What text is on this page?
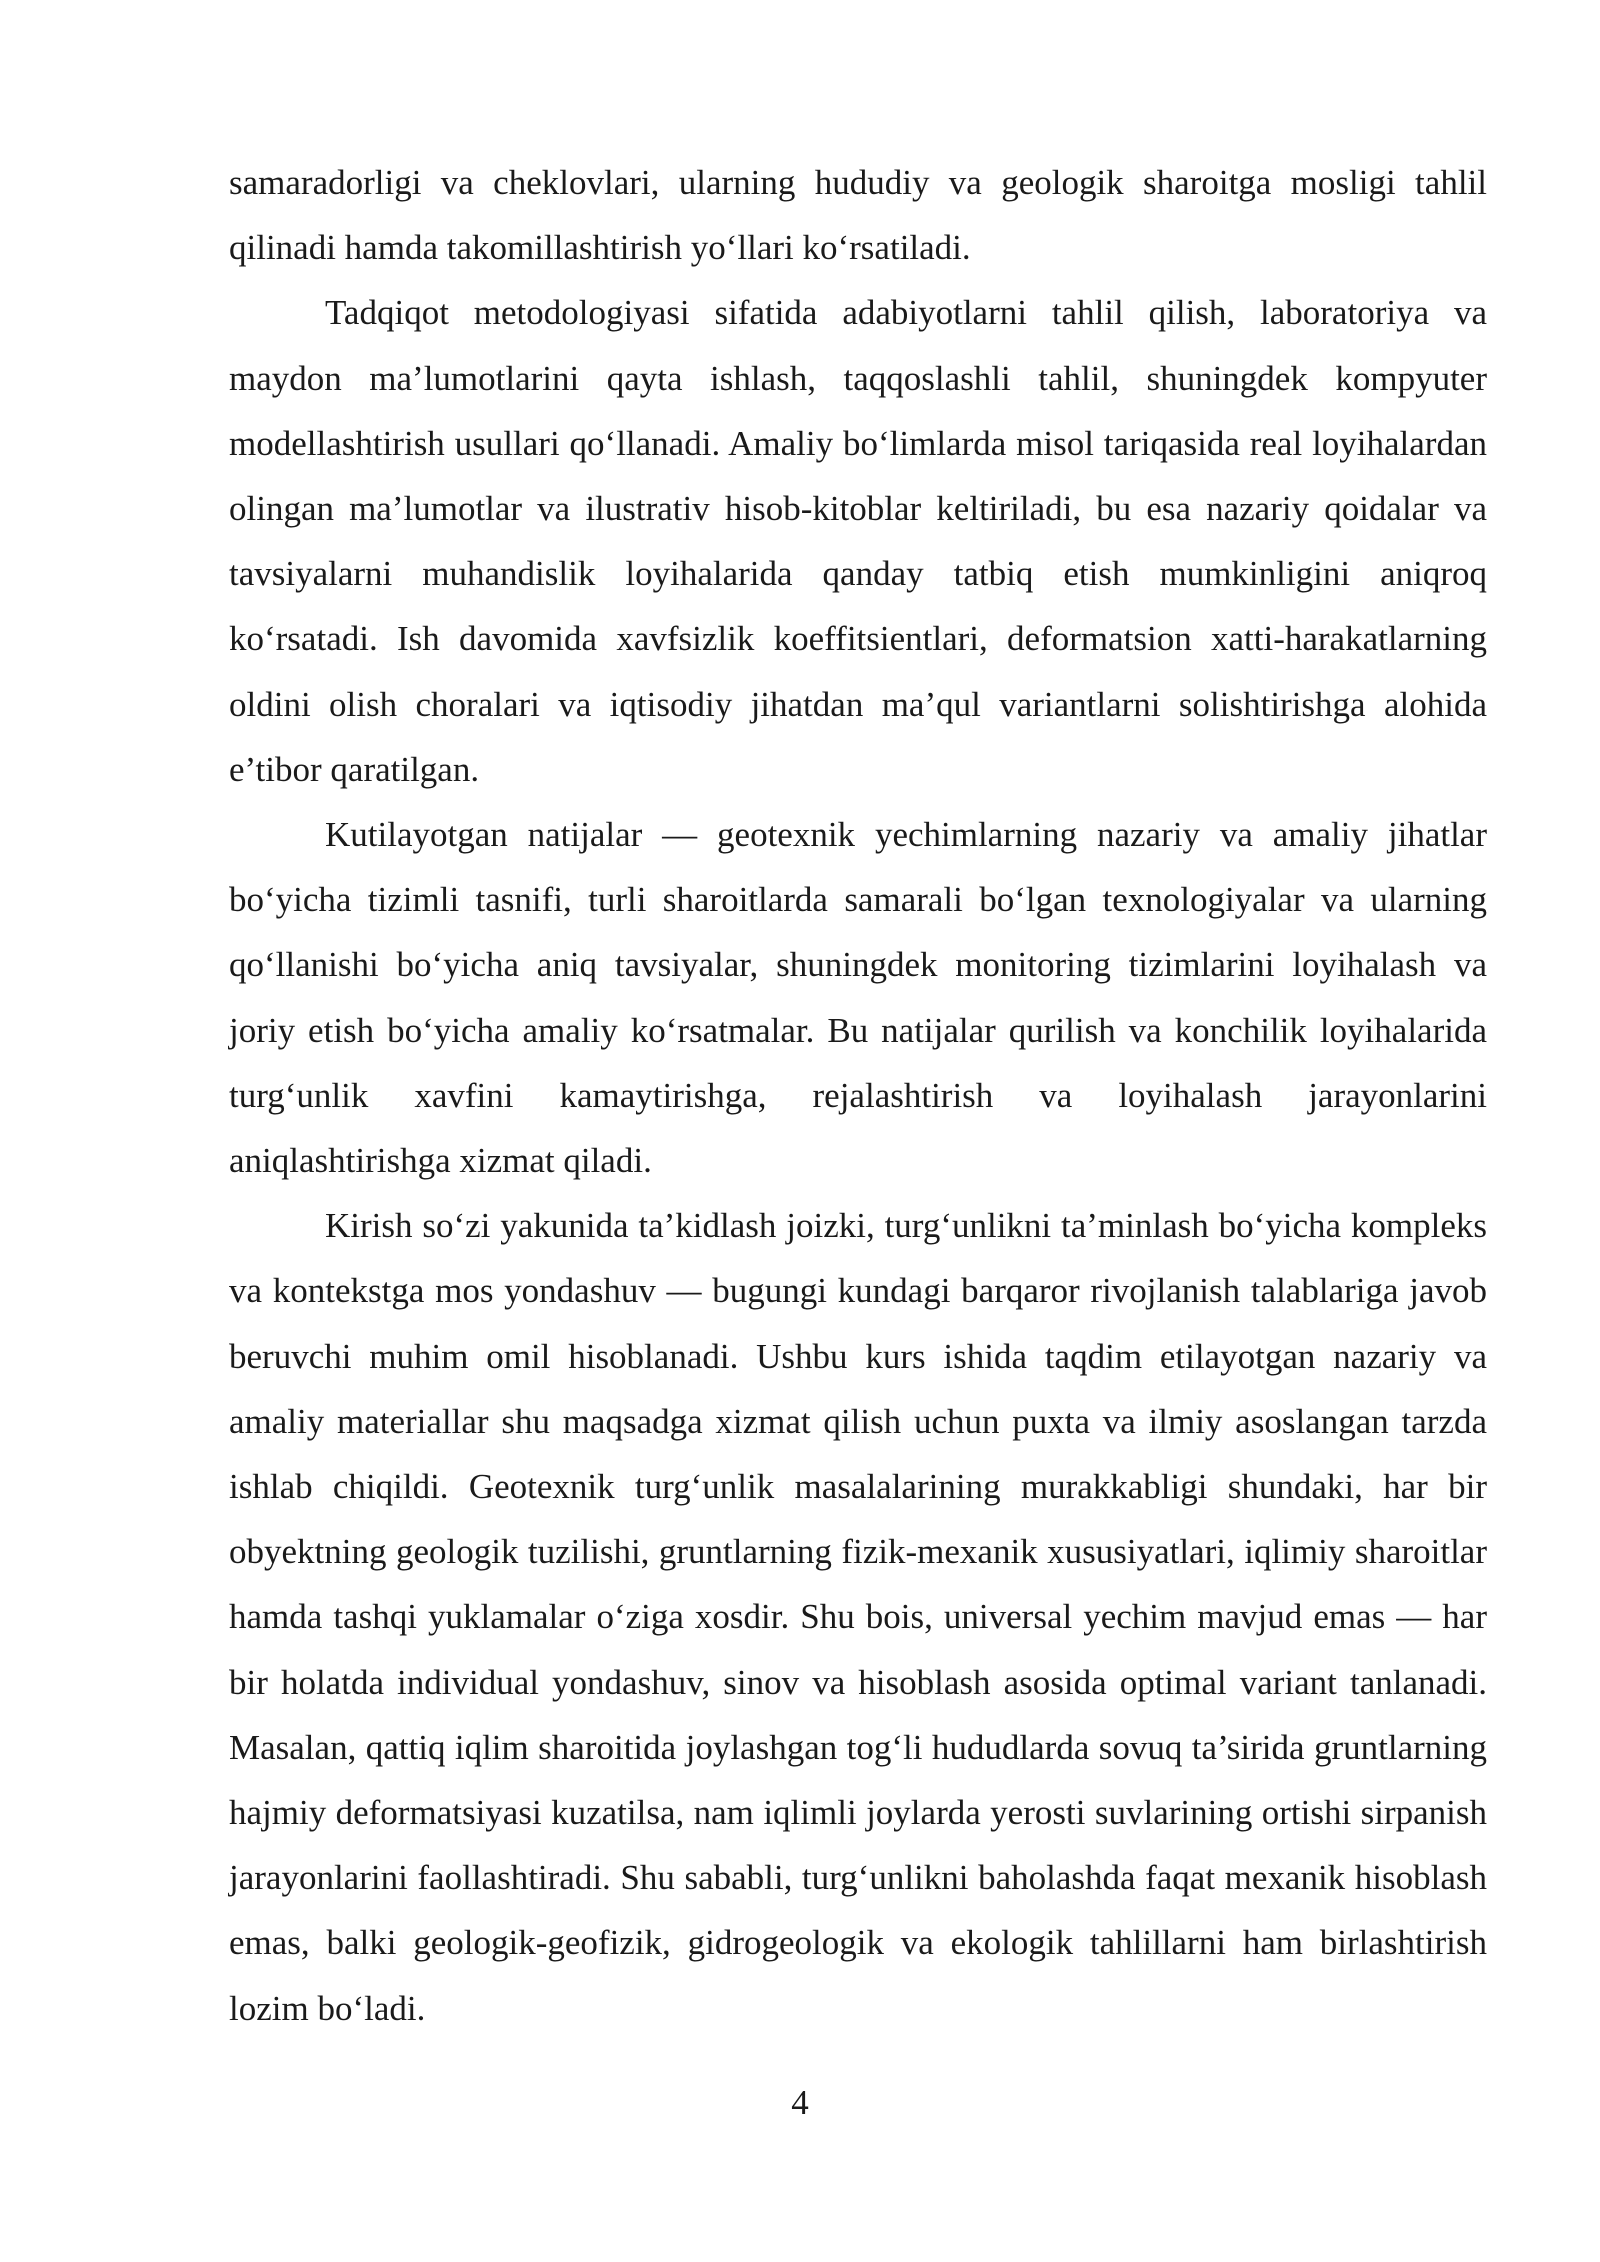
samaradorligi va cheklovlari, ularning hududiy va geologik sharoitga mosligi tahlil qilinadi hamda takomillashtirish yo‘llari ko‘rsatiladi.

Tadqiqot metodologiyasi sifatida adabiyotlarni tahlil qilish, laboratoriya va maydon ma’lumotlarini qayta ishlash, taqqoslashli tahlil, shuningdek kompyuter modellashtirish usullari qo‘llanadi. Amaliy bo‘limlarda misol tariqasida real loyihalardan olingan ma’lumotlar va ilustrativ hisob-kitoblar keltiriladi, bu esa nazariy qoidalar va tavsiyalarni muhandislik loyihalarida qanday tatbiq etish mumkinligini aniqroq ko‘rsatadi. Ish davomida xavfsizlik koeffitsientlari, deformatsion xatti-harakatlarning oldini olish choralari va iqtisodiy jihatdan ma’qul variantlarni solishtirishga alohida e’tibor qaratilgan.

Kutilayotgan natijalar — geotexnik yechimlarning nazariy va amaliy jihatlar bo‘yicha tizimli tasnifi, turli sharoitlarda samarali bo‘lgan texnologiyalar va ularning qo‘llanishi bo‘yicha aniq tavsiyalar, shuningdek monitoring tizimlarini loyihalash va joriy etish bo‘yicha amaliy ko‘rsatmalar. Bu natijalar qurilish va konchilik loyihalarida turg‘unlik xavfini kamaytirishga, rejalashtirish va loyihalash jarayonlarini aniqlashtirishga xizmat qiladi.

Kirish so‘zi yakunida ta’kidlash joizki, turg‘unlikni ta’minlash bo‘yicha kompleks va kontekstga mos yondashuv — bugungi kundagi barqaror rivojlanish talablariga javob beruvchi muhim omil hisoblanadi. Ushbu kurs ishida taqdim etilayotgan nazariy va amaliy materiallar shu maqsadga xizmat qilish uchun puxta va ilmiy asoslangan tarzda ishlab chiqildi. Geotexnik turg‘unlik masalalarining murakkabligi shundaki, har bir obyektning geologik tuzilishi, gruntlarning fizik-mexanik xususiyatlari, iqlimiy sharoitlar hamda tashqi yuklamalar o‘ziga xosdir. Shu bois, universal yechim mavjud emas — har bir holatda individual yondashuv, sinov va hisoblash asosida optimal variant tanlanadi. Masalan, qattiq iqlim sharoitida joylashgan tog‘li hududlarda sovuq ta’sirida gruntlarning hajmiy deformatsiyasi kuzatilsa, nam iqlimli joylarda yerosti suvlarining ortishi sirpanish jarayonlarini faollashtiradi. Shu sababli, turg‘unlikni baholashda faqat mexanik hisoblash emas, balki geologik-geofizik, gidrogeologik va ekologik tahlillarni ham birlashtirish lozim bo‘ladi.

4
